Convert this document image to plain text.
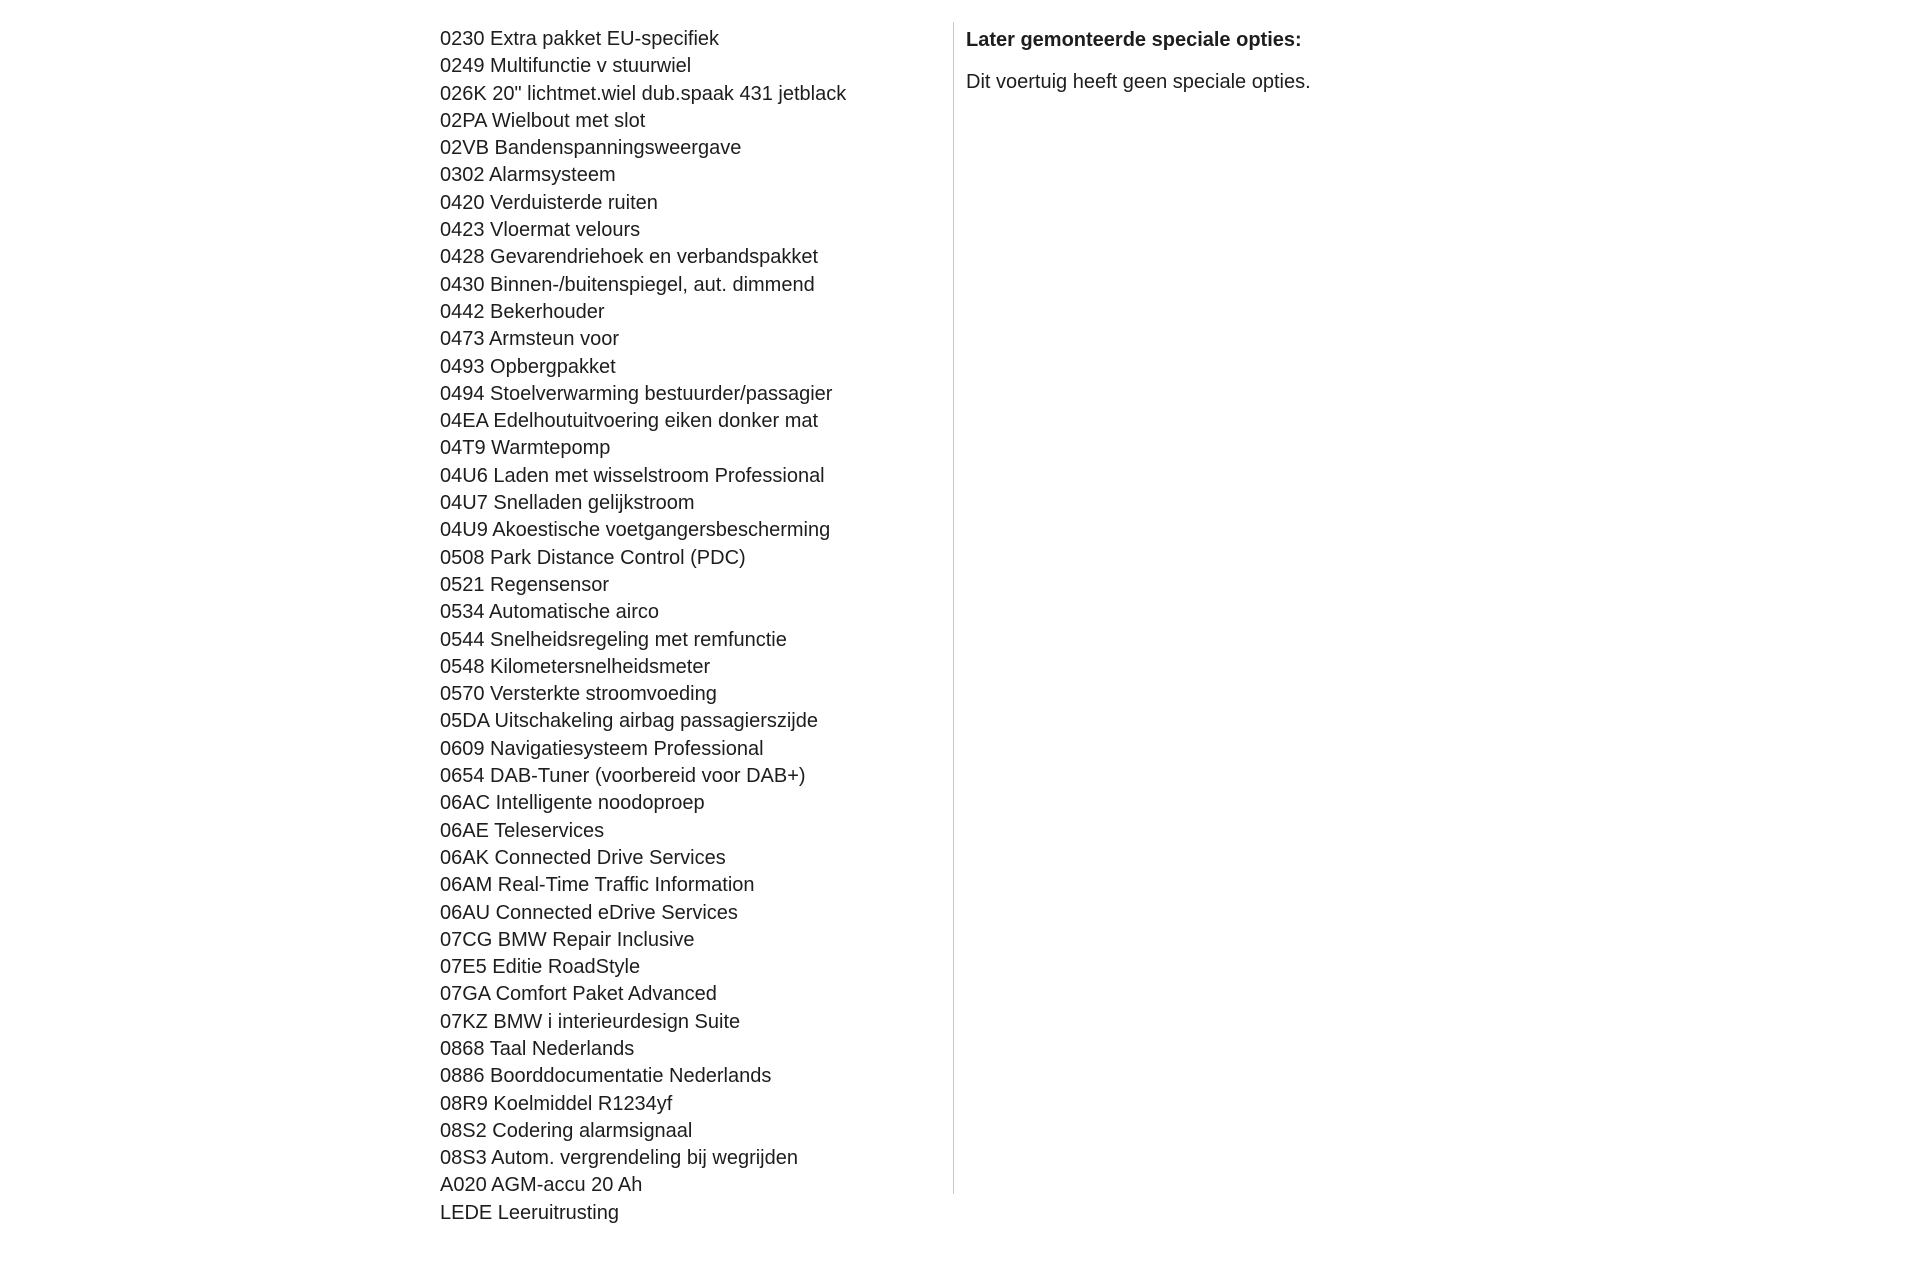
0230 Extra pakket EU-specifiek
0249 Multifunctie v stuurwiel
026K 20" lichtmet.wiel dub.spaak 431 jetblack
02PA Wielbout met slot
02VB Bandenspanningsweergave
0302 Alarmsysteem
0420 Verduisterde ruiten
0423 Vloermat velours
0428 Gevarendriehoek en verbandspakket
0430 Binnen-/buitenspiegel, aut. dimmend
0442 Bekerhouder
0473 Armsteun voor
0493 Opbergpakket
0494 Stoelverwarming bestuurder/passagier
04EA Edelhoutuitvoering eiken donker mat
04T9 Warmtepomp
04U6 Laden met wisselstroom Professional
04U7 Snelladen gelijkstroom
04U9 Akoestische voetgangersbescherming
0508 Park Distance Control (PDC)
0521 Regensensor
0534 Automatische airco
0544 Snelheidsregeling met remfunctie
0548 Kilometersnelheidsmeter
0570 Versterkte stroomvoeding
05DA Uitschakeling airbag passagierszijde
0609 Navigatiesysteem Professional
0654 DAB-Tuner (voorbereid voor DAB+)
06AC Intelligente noodoproep
06AE Teleservices
06AK Connected Drive Services
06AM Real-Time Traffic Information
06AU Connected eDrive Services
07CG BMW Repair Inclusive
07E5 Editie RoadStyle
07GA Comfort Paket Advanced
07KZ BMW i interieurdesign Suite
0868 Taal Nederlands
0886 Boorddocumentatie Nederlands
08R9 Koelmiddel R1234yf
08S2 Codering alarmsignaal
08S3 Autom. vergrendeling bij wegrijden
A020 AGM-accu 20 Ah
LEDE Leeruitrusting
Later gemonteerde speciale opties:
Dit voertuig heeft geen speciale opties.
